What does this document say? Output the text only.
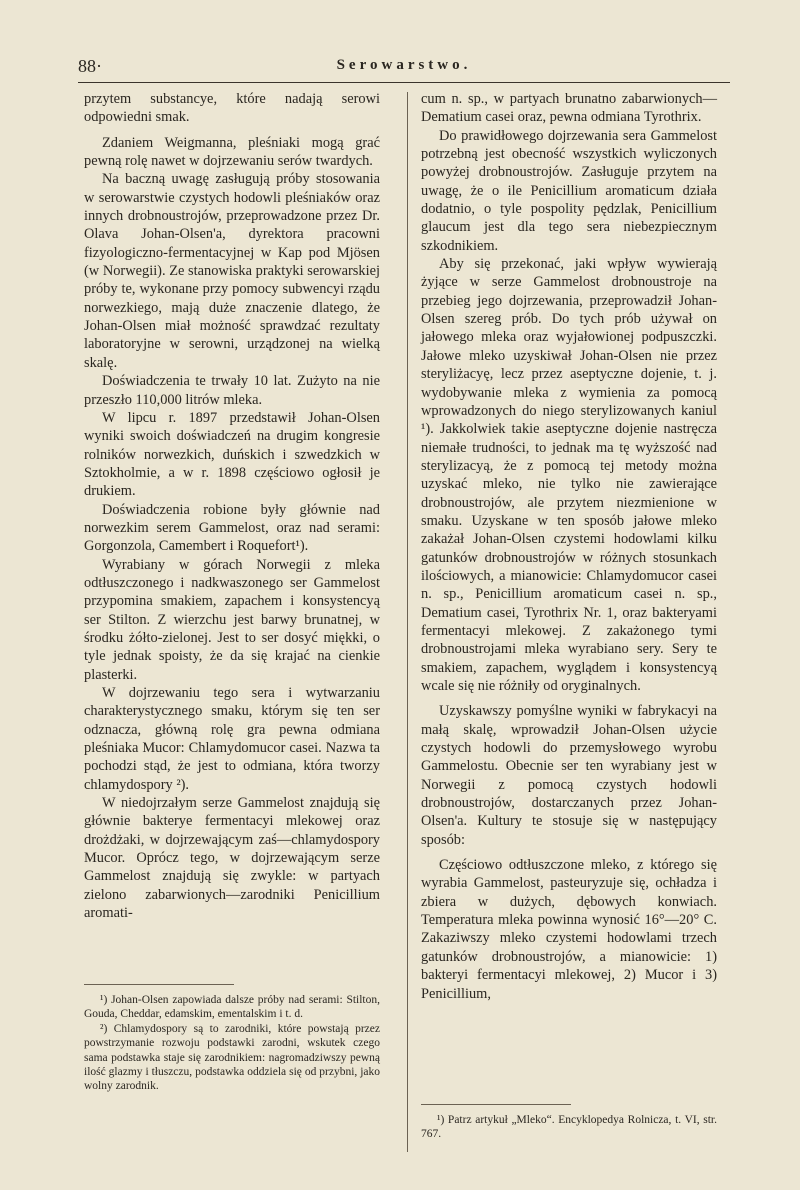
88·	Serowarstwo.

przytem substancye, które nadają serowi odpowiedni smak.

Zdaniem Weigmanna, pleśniaki mogą grać pewną rolę nawet w dojrzewaniu serów twardych.

Na baczną uwagę zasługują próby stosowania w serowarstwie czystych hodowli pleśniaków oraz innych drobnoustrojów, przeprowadzone przez Dr. Olava Johan-Olsen'a, dyrektora pracowni fizyologiczno-fermentacyjnej w Kap pod Mjösen (w Norwegii). Ze stanowiska praktyki serowarskiej próby te, wykonane przy pomocy subwencyi rządu norwezkiego, mają duże znaczenie dlatego, że Johan-Olsen miał możność sprawdzać rezultaty laboratoryjne w serowni, urządzonej na wielką skalę.

Doświadczenia te trwały 10 lat. Zużyto na nie przeszło 110,000 litrów mleka.

W lipcu r. 1897 przedstawił Johan-Olsen wyniki swoich doświadczeń na drugim kongresie rolników norwezkich, duńskich i szwedzkich w Sztokholmie, a w r. 1898 częściowo ogłosił je drukiem.

Doświadczenia robione były głównie nad norwezkim serem Gammelost, oraz nad serami: Gorgonzola, Camembert i Roquefort¹).

Wyrabiany w górach Norwegii z mleka odtłuszczonego i nadkwaszonego ser Gammelost przypomina smakiem, zapachem i konsystencyą ser Stilton. Z wierzchu jest barwy brunatnej, w środku żółto-zielonej. Jest to ser dosyć miękki, o tyle jednak spoisty, że da się krajać na cienkie plasterki.

W dojrzewaniu tego sera i wytwarzaniu charakterystycznego smaku, którym się ten ser odznacza, główną rolę gra pewna odmiana pleśniaka Mucor: Chlamydomucor casei. Nazwa ta pochodzi stąd, że jest to odmiana, która tworzy chlamydospory ²).

W niedojrzałym serze Gammelost znajdują się głównie bakterye fermentacyi mlekowej oraz drożdżaki, w dojrzewającym zaś—chlamydospory Mucor. Oprócz tego, w dojrzewającym serze Gammelost znajdują się zwykle: w partyach zielono zabarwionych—zarodniki Penicillium aromati-

cum n. sp., w partyach brunatno zabarwionych—Dematium casei oraz, pewna odmiana Tyrothrix.

Do prawidłowego dojrzewania sera Gammelost potrzebną jest obecność wszystkich wyliczonych powyżej drobnoustrojów. Zasługuje przytem na uwagę, że o ile Penicillium aromaticum działa dodatnio, o tyle pospolity pędzlak, Penicillium glaucum jest dla tego sera niebezpiecznym szkodnikiem.

Aby się przekonać, jaki wpływ wywierają żyjące w serze Gammelost drobnoustroje na przebieg jego dojrzewania, przeprowadził Johan-Olsen szereg prób. Do tych prób używał on jałowego mleka oraz wyjałowionej podpuszczki. Jałowe mleko uzyskiwał Johan-Olsen nie przez steryliżacyę, lecz przez aseptyczne dojenie, t. j. wydobywanie mleka z wymienia za pomocą wprowadzonych do niego sterylizowanych kaniul ¹). Jakkolwiek takie aseptyczne dojenie nastręcza niemałe trudności, to jednak ma tę wyższość nad sterylizacyą, że z pomocą tej metody można uzyskać mleko, nie tylko nie zawierające drobnoustrojów, ale przytem niezmienione w smaku. Uzyskane w ten sposób jałowe mleko zakażał Johan-Olsen czystemi hodowlami kilku gatunków drobnoustrojów w różnych stosunkach ilościowych, a mianowicie: Chlamydomucor casei n. sp., Penicillium aromaticum casei n. sp., Dematium casei, Tyrothrix Nr. 1, oraz bakteryami fermentacyi mlekowej. Z zakażonego tymi drobnoustrojami mleka wyrabiano sery. Sery te smakiem, zapachem, wyglądem i konsystencyą wcale się nie różniły od oryginalnych.

Uzyskawszy pomyślne wyniki w fabrykacyi na małą skalę, wprowadził Johan-Olsen użycie czystych hodowli do przemysłowego wyrobu Gammelostu. Obecnie ser ten wyrabiany jest w Norwegii z pomocą czystych hodowli drobnoustrojów, dostarczanych przez Johan-Olsen'a. Kultury te stosuje się w następujący sposób:

Częściowo odtłuszczone mleko, z którego się wyrabia Gammelost, pasteuryzuje się, ochładza i zbiera w dużych, dębowych konwiach. Temperatura mleka powinna wynosić 16°—20° C. Zakaziwszy mleko czystemi hodowlami trzech gatunków drobnoustrojów, a mianowicie: 1) bakteryi fermentacyi mlekowej, 2) Mucor i 3) Penicillium,

¹) Johan-Olsen zapowiada dalsze próby nad serami: Stilton, Gouda, Cheddar, edamskim, ementalskim i t. d.

²) Chlamydospory są to zarodniki, które powstają przez powstrzymanie rozwoju podstawki zarodni, wskutek czego sama podstawka staje się zarodnikiem: nagromadziwszy pewną ilość glazmy i tłuszczu, podstawka oddziela się od przybni, jako wolny zarodnik.

¹) Patrz artykuł „Mleko“. Encyklopedya Rolnicza, t. VI, str. 767.
